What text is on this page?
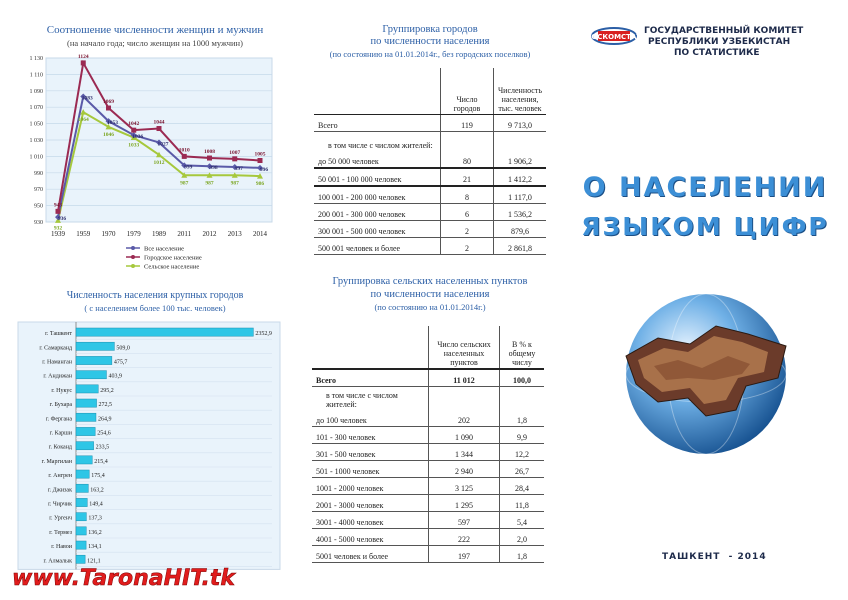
Соотношение численности женщин и мужчин
(на начало года; число женщин на 1000 мужчин)
930
950
970
990
1 010
1 030
1 050
1 070
1 090
1 110
1 130
1939 1959 1970 1979 1989 2011 2012 2013 2014
936
1083
1053
1036
1027
999	998	997	996
943
1124
1069
1042	1044
1010	1008	1007	1005
932
1064
1046
1033
1012
987	987	987	986
Все население
Городское население
Сельское население
Численность населения крупных городов
( с населением более 100 тыс. человек)
г. Ташкент	2352,9
г. Самарканд	509,0
г. Наманган	475,7
г. Андижан	403,9
г. Нукус	295,2
г. Бухара	272,5
г. Фергана	264,9
г. Карши	254,6
г. Коканд	233,5
г. Маргилан	215,4
г. Ангрен	175,4
г. Джизак	163,2
г. Чирчик	149,4
г. Ургенч	137,3
г. Термез	136,2
г. Навои	134,1
г. Алмалык	121,1
Группировка городов
по численности населения
(по состоянию на 01.01.2014г., без городских поселков)
	Число городов	Численность населения, тыс. человек
Всего	119	9 713,0
в том числе с числом жителей:		
до 50 000 человек	80	1 906,2
50 001 - 100 000 человек	21	1 412,2
100 001 - 200 000 человек	8	1 117,0
200 001 - 300 000 человек	6	1 536,2
300 001 - 500 000 человек	2	879,6
500 001 человек и более	2	2 861,8
Группировка сельских населенных пунктов
по численности населения
(по состоянию на 01.01.2014г.)
	Число сельских населенных пунктов	В % к общему числу
Всего	11 012	100,0
в том числе с числом жителей:		
до 100 человек	202	1,8
101 - 300 человек	1 090	9,9
301 - 500 человек	1 344	12,2
501 - 1000 человек	2 940	26,7
1001 - 2000 человек	3 125	28,4
2001 - 3000 человек	1 295	11,8
3001 - 4000 человек	597	5,4
4001 - 5000 человек	222	2,0
5001 человек и более	197	1,8
ГОСКОМСТАТ
ГОСУДАРСТВЕННЫЙ КОМИТЕТ
РЕСПУБЛИКИ УЗБЕКИСТАН
ПО СТАТИСТИКЕ
О НАСЕЛЕНИИ
ЯЗЫКОМ ЦИФР
ТАШКЕНТ  - 2014
www.TaronaHIT.tk
